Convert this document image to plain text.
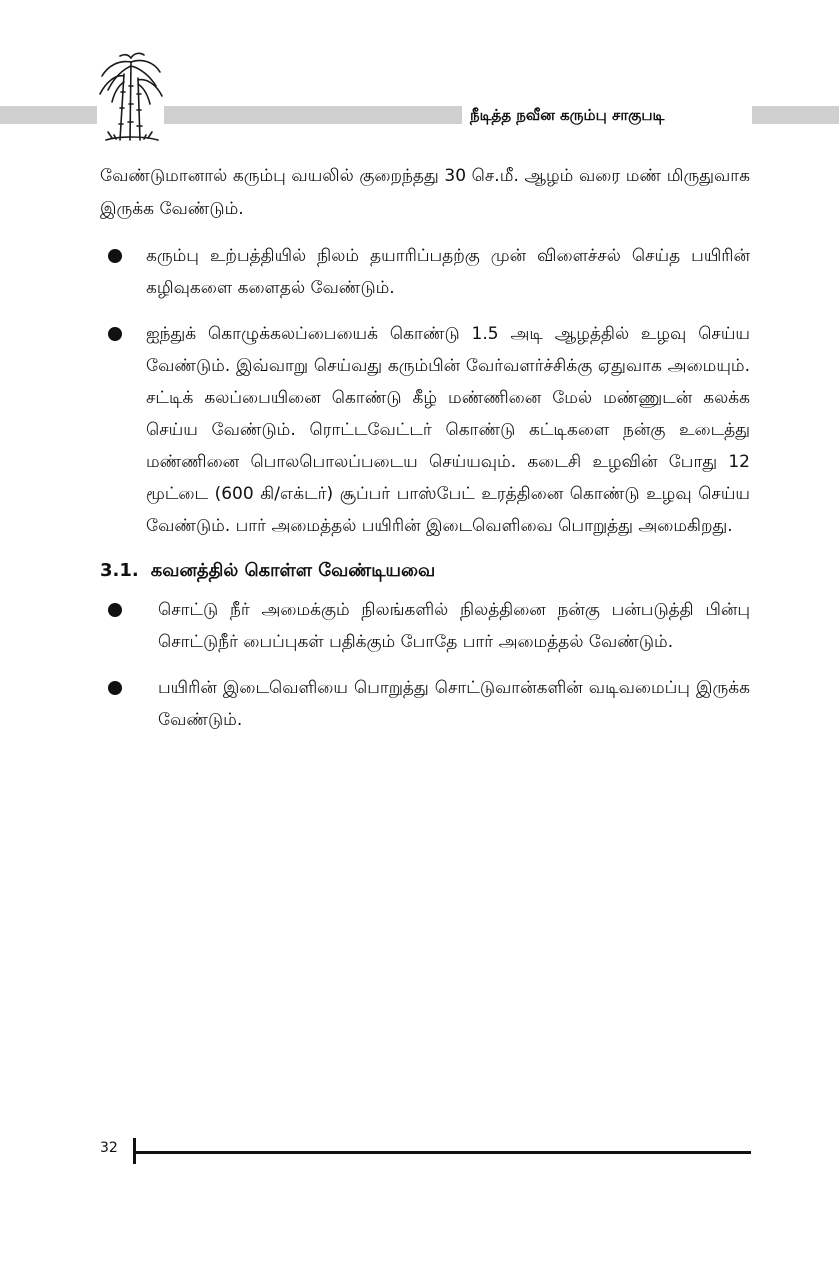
நீடித்த நவீன கரும்பு சாகுபடி

வேண்டுமானால் கரும்பு வயலில் குறைந்தது 30 செ.மீ. ஆழம் வரை மண் மிருதுவாக இருக்க வேண்டும்.

கரும்பு உற்பத்தியில் நிலம் தயாரிப்பதற்கு முன் விளைச்சல் செய்த பயிரின் கழிவுகளை களைதல் வேண்டும்.
ஐந்துக் கொழுக்கலப்பையைக் கொண்டு 1.5 அடி ஆழத்தில் உழவு செய்ய வேண்டும். இவ்வாறு செய்வது கரும்பின் வேர்வளர்ச்சிக்கு ஏதுவாக அமையும். சட்டிக் கலப்பையினை கொண்டு கீழ் மண்ணினை மேல் மண்ணுடன் கலக்க செய்ய வேண்டும். ரொட்டவேட்டர் கொண்டு கட்டிகளை நன்கு உடைத்து மண்ணினை பொலபொலப்படைய செய்யவும். கடைசி உழவின் போது 12 மூட்டை (600 கி/எக்டர்) சூப்பர் பாஸ்பேட் உரத்தினை கொண்டு உழவு செய்ய வேண்டும். பார் அமைத்தல் பயிரின் இடைவெளிவை பொறுத்து அமைகிறது.
3.1. கவனத்தில் கொள்ள வேண்டியவை
சொட்டு நீர் அமைக்கும் நிலங்களில் நிலத்தினை நன்கு பன்படுத்தி பின்பு சொட்டுநீர் பைப்புகள் பதிக்கும் போதே பார் அமைத்தல் வேண்டும்.
பயிரின் இடைவெளியை பொறுத்து சொட்டுவான்களின் வடிவமைப்பு இருக்க வேண்டும்.
32
